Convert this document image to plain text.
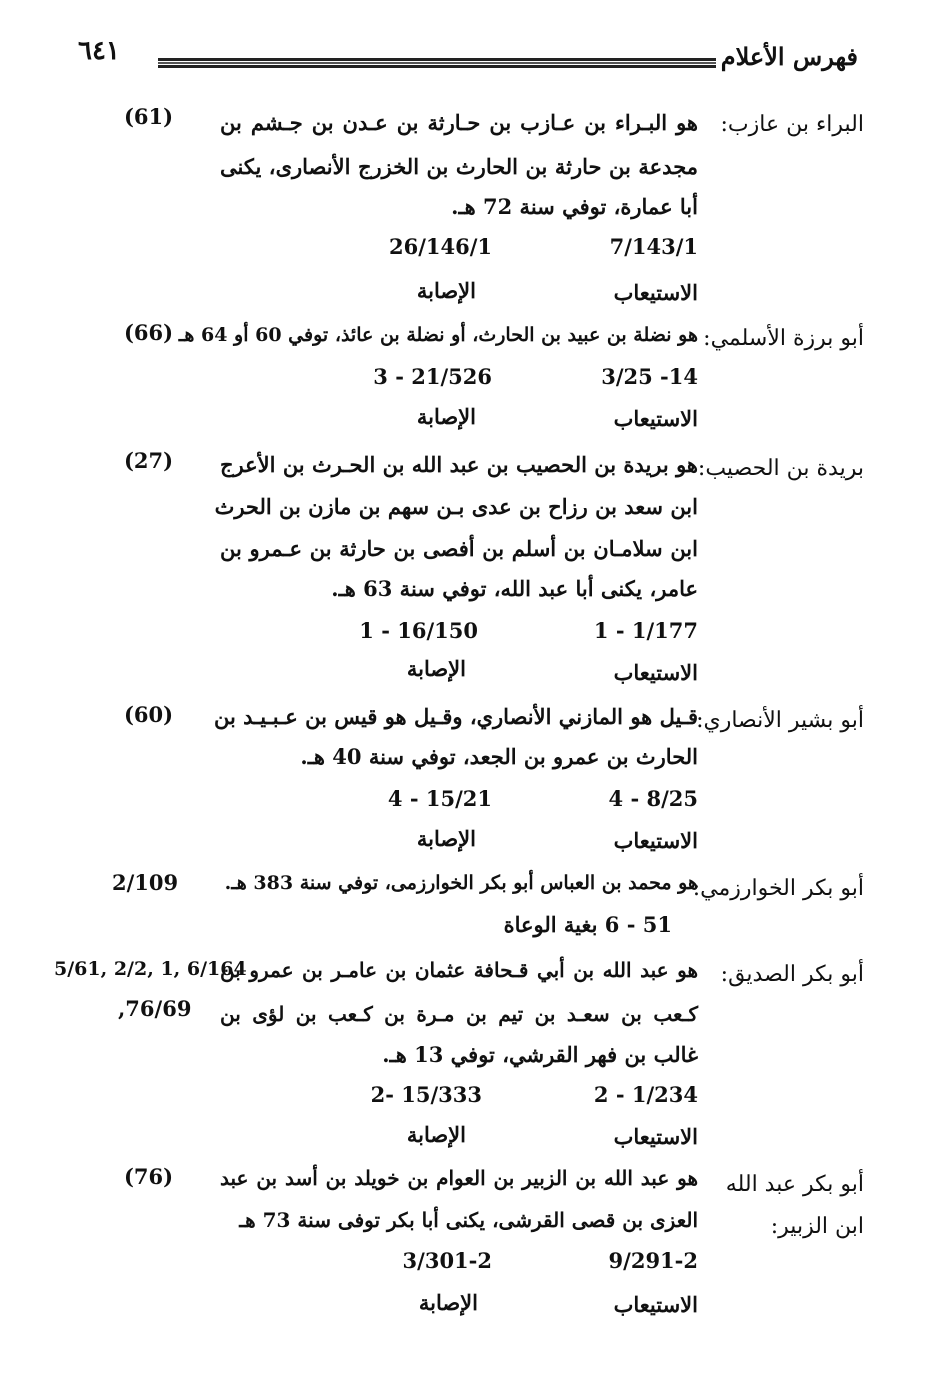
فهرس الأعلام
٦٤١
البراء بن عازب:
(61) هو البـراء بن عـازب بن حـارثة بن عـدن بن جـشم بن
مجدعة بن حارثة بن الحارث بن الخزرج الأنصارى، يكنى
أبا عمارة، توفي سنة 72 هـ.
7/143/1
26/146/1
الاستيعاب
الإصابة
أبو برزة الأسلمي:
(66) هو نضلة بن عبيد بن الحارث، أو نضلة بن عائذ، توفي 60 أو 64 هـ
14- 3/25
21/526 - 3
الاستيعاب
الإصابة
بريدة بن الحصيب:
(27) هو بريدة بن الحصيب بن عبد الله بن الحـرث بن الأعرج
ابن سعد بن رزاح بن عدى بـن سهم بن مازن بن الحرث
ابن سلامـان بن أسلم بن أفصى بن حارثة بن عـمرو بن
عامر، يكنى أبا عبد الله، توفي سنة 63 هـ.
1/177 - 1
16/150 - 1
الاستيعاب
الإصابة
أبو بشير الأنصاري:
(60) قـيل هو المازني الأنصاري، وقـيل هو قيس بن عـبـيـد بن
الحارث بن عمرو بن الجعد، توفي سنة 40 هـ.
8/25 - 4
15/21 - 4
الاستيعاب
الإصابة
أبو بكر الخوارزمي:
2/109 هو محمد بن العباس أبو بكر الخوارزمى، توفي سنة 383 هـ.
51 - 6 بغية الوعاة
أبو بكر الصديق:
5/61, 2/2, 1, 6/164
,76/69
هو عبد الله بن أبي قـحافة عثمان بن عامـر بن عمرو بن
كـعب بن سعـد بن تيم بن مـرة بن كـعب بن لؤى بن
غالب بن فهر القرشي، توفي 13 هـ.
1/234 - 2
15/333 -2
الاستيعاب
الإصابة
أبو بكر عبد الله
ابن الزبير:
(76) هو عبد الله بن الزبير بن العوام بن خويلد بن أسد بن عبد
العزى بن قصى القرشى، يكنى أبا بكر توفى سنة 73 هـ
9/291-2
3/301-2
الاستيعاب
الإصابة
